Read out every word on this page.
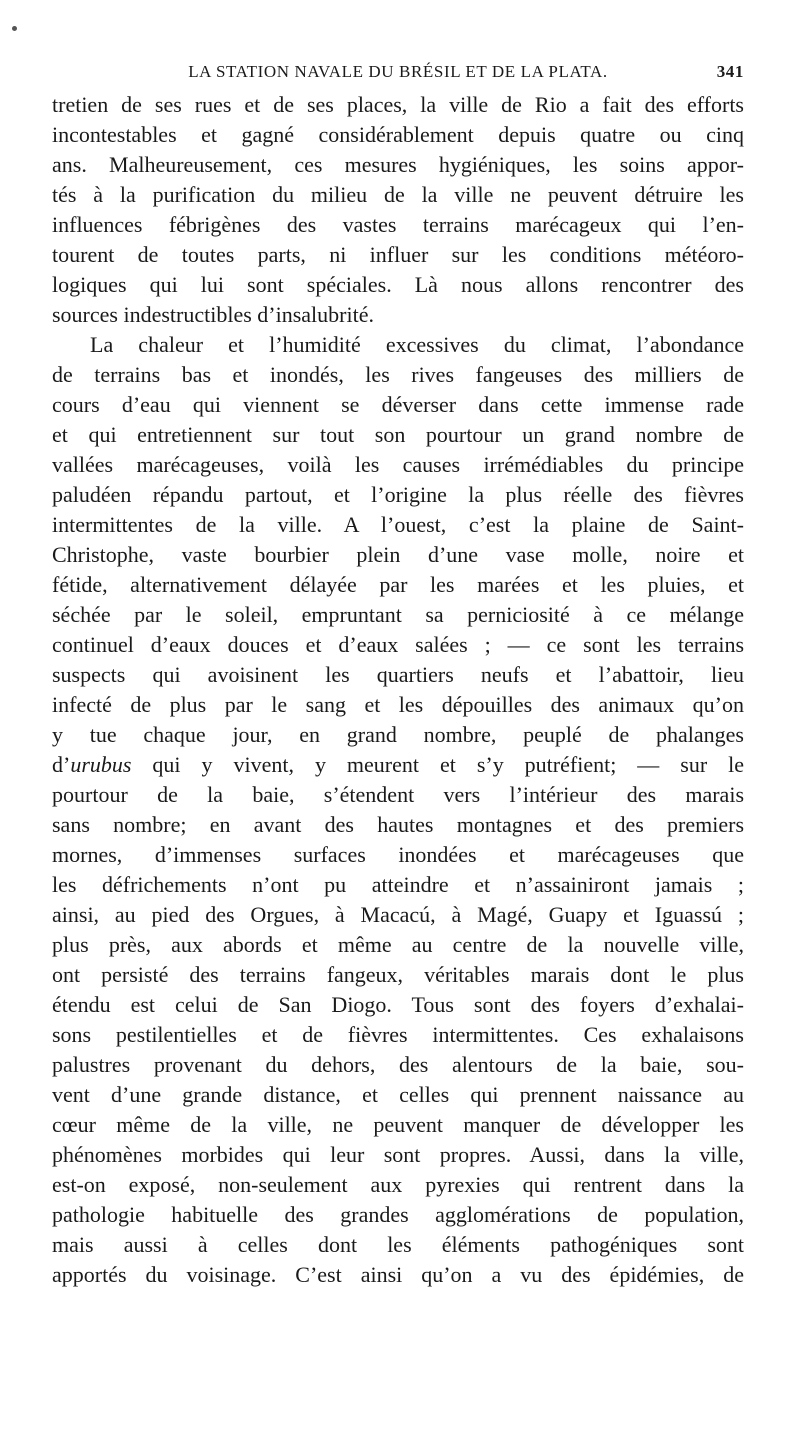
LA STATION NAVALE DU BRÉSIL ET DE LA PLATA.	341
tretien de ses rues et de ses places, la ville de Rio a fait des efforts
incontestables et gagné considérablement depuis quatre ou cinq
ans. Malheureusement, ces mesures hygiéniques, les soins appor-
tés à la purification du milieu de la ville ne peuvent détruire les
influences fébrigènes des vastes terrains marécageux qui l’en-
tourent de toutes parts, ni influer sur les conditions météoro-
logiques qui lui sont spéciales. Là nous allons rencontrer des
sources indestructibles d’insalubrité.
La chaleur et l’humidité excessives du climat, l’abondance
de terrains bas et inondés, les rives fangeuses des milliers de
cours d’eau qui viennent se déverser dans cette immense rade
et qui entretiennent sur tout son pourtour un grand nombre de
vallées marécageuses, voilà les causes irrémédiables du principe
paludéen répandu partout, et l’origine la plus réelle des fièvres
intermittentes de la ville. A l’ouest, c’est la plaine de Saint-
Christophe, vaste bourbier plein d’une vase molle, noire et
fétide, alternativement délayée par les marées et les pluies, et
séchée par le soleil, empruntant sa perniciosité à ce mélange
continuel d’eaux douces et d’eaux salées ; — ce sont les terrains
suspects qui avoisinent les quartiers neufs et l’abattoir, lieu
infecté de plus par le sang et les dépouilles des animaux qu’on
y tue chaque jour, en grand nombre, peuplé de phalanges
d’urubus qui y vivent, y meurent et s’y putréfient; — sur le
pourtour de la baie, s’étendent vers l’intérieur des marais
sans nombre; en avant des hautes montagnes et des premiers
mornes, d’immenses surfaces inondées et marécageuses que
les défrichements n’ont pu atteindre et n’assainiront jamais ;
ainsi, au pied des Orgues, à Macacú, à Magé, Guapy et Iguassú ;
plus près, aux abords et même au centre de la nouvelle ville,
ont persisté des terrains fangeux, véritables marais dont le plus
étendu est celui de San Diogo. Tous sont des foyers d’exhalai-
sons pestilentielles et de fièvres intermittentes. Ces exhalaisons
palustres provenant du dehors, des alentours de la baie, sou-
vent d’une grande distance, et celles qui prennent naissance au
cœur même de la ville, ne peuvent manquer de développer les
phénomènes morbides qui leur sont propres. Aussi, dans la ville,
est-on exposé, non-seulement aux pyrexies qui rentrent dans la
pathologie habituelle des grandes agglomérations de population,
mais aussi à celles dont les éléments pathogéniques sont
apportés du voisinage. C’est ainsi qu’on a vu des épidémies, de
